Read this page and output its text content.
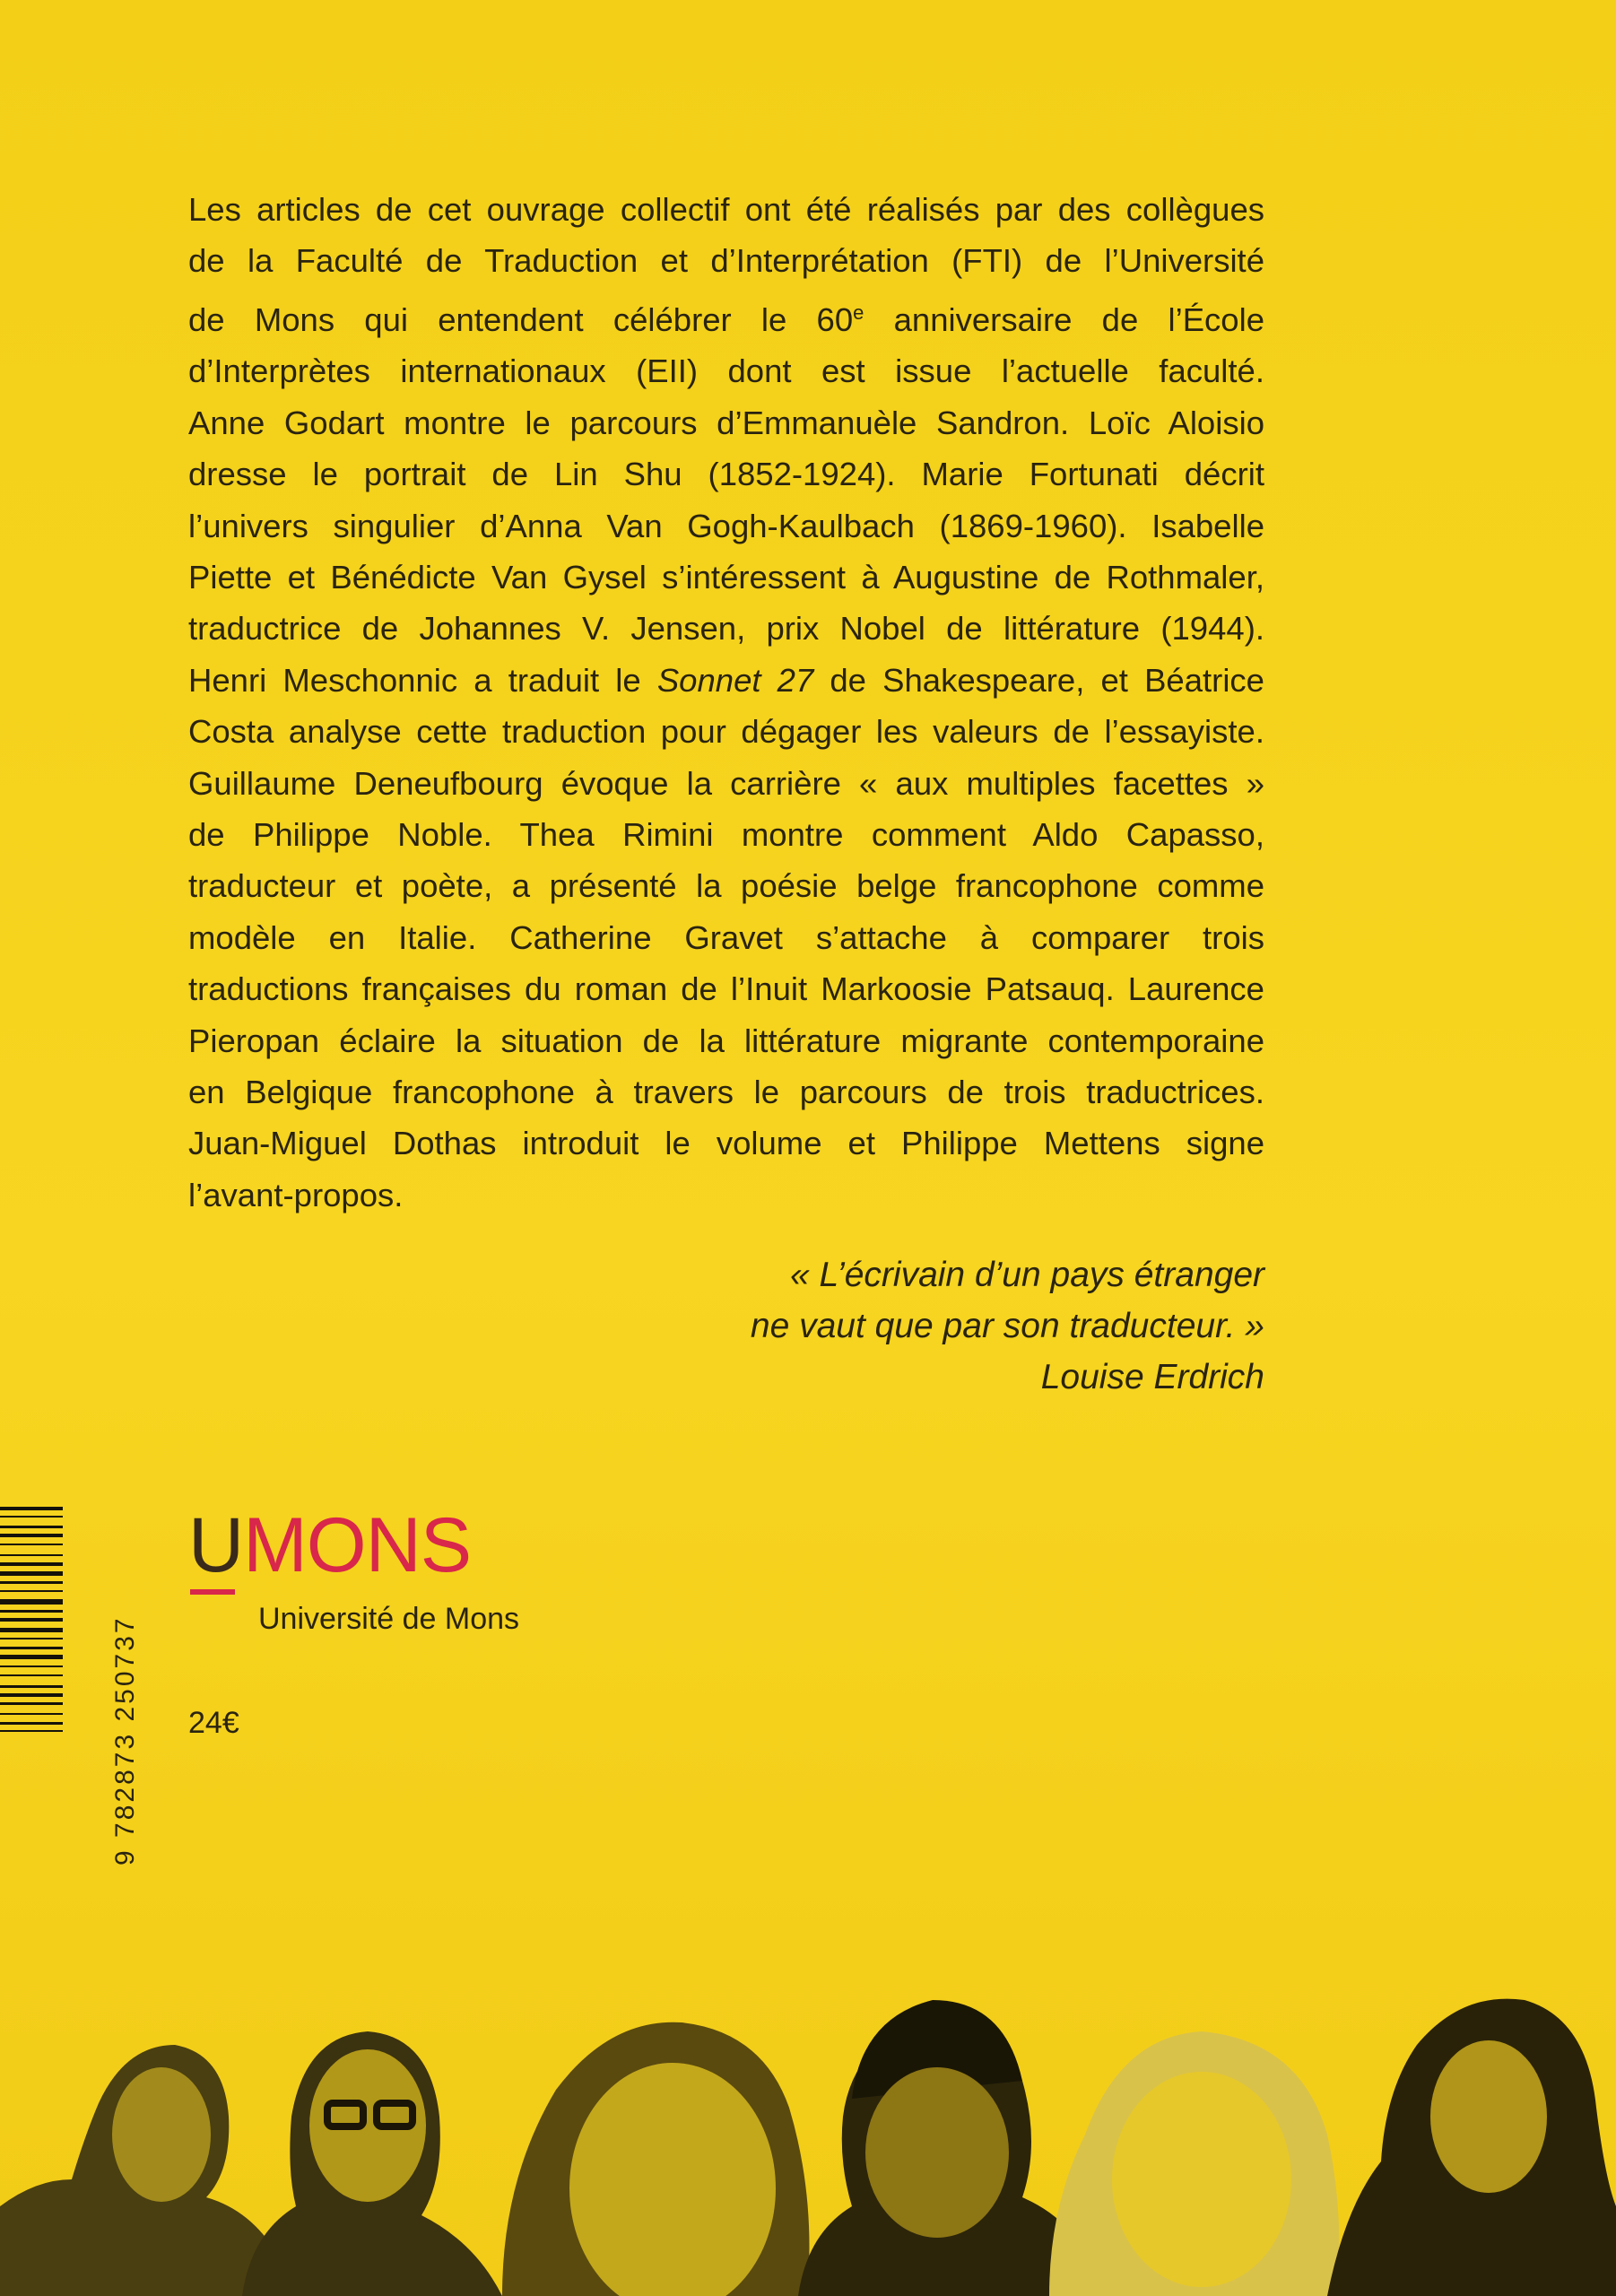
Les articles de cet ouvrage collectif ont été réalisés par des collègues
de la Faculté de Traduction et d’Interprétation (FTI) de l’Université
de Mons qui entendent célébrer le 60e anniversaire de l’École
d’Interprètes internationaux (EII) dont est issue l’actuelle faculté.
Anne Godart montre le parcours d’Emmanuèle Sandron. Loïc Aloisio
dresse le portrait de Lin Shu (1852-1924). Marie Fortunati décrit
l’univers singulier d’Anna Van Gogh-Kaulbach (1869-1960). Isabelle
Piette et Bénédicte Van Gysel s’intéressent à Augustine de Rothmaler,
traductrice de Johannes V. Jensen, prix Nobel de littérature (1944).
Henri Meschonnic a traduit le Sonnet 27 de Shakespeare, et Béatrice
Costa analyse cette traduction pour dégager les valeurs de l’essayiste.
Guillaume Deneufbourg évoque la carrière « aux multiples facettes »
de Philippe Noble. Thea Rimini montre comment Aldo Capasso,
traducteur et poète, a présenté la poésie belge francophone comme
modèle en Italie. Catherine Gravet s’attache à comparer trois
traductions françaises du roman de l’Inuit Markoosie Patsauq. Laurence
Pieropan éclaire la situation de la littérature migrante contemporaine
en Belgique francophone à travers le parcours de trois traductrices.
Juan-Miguel Dothas introduit le volume et Philippe Mettens signe
l’avant-propos.

« L’écrivain d’un pays étranger
ne vaut que par son traducteur. »
Louise Erdrich
9 782873 250737
UMONS
Université de Mons
24€
